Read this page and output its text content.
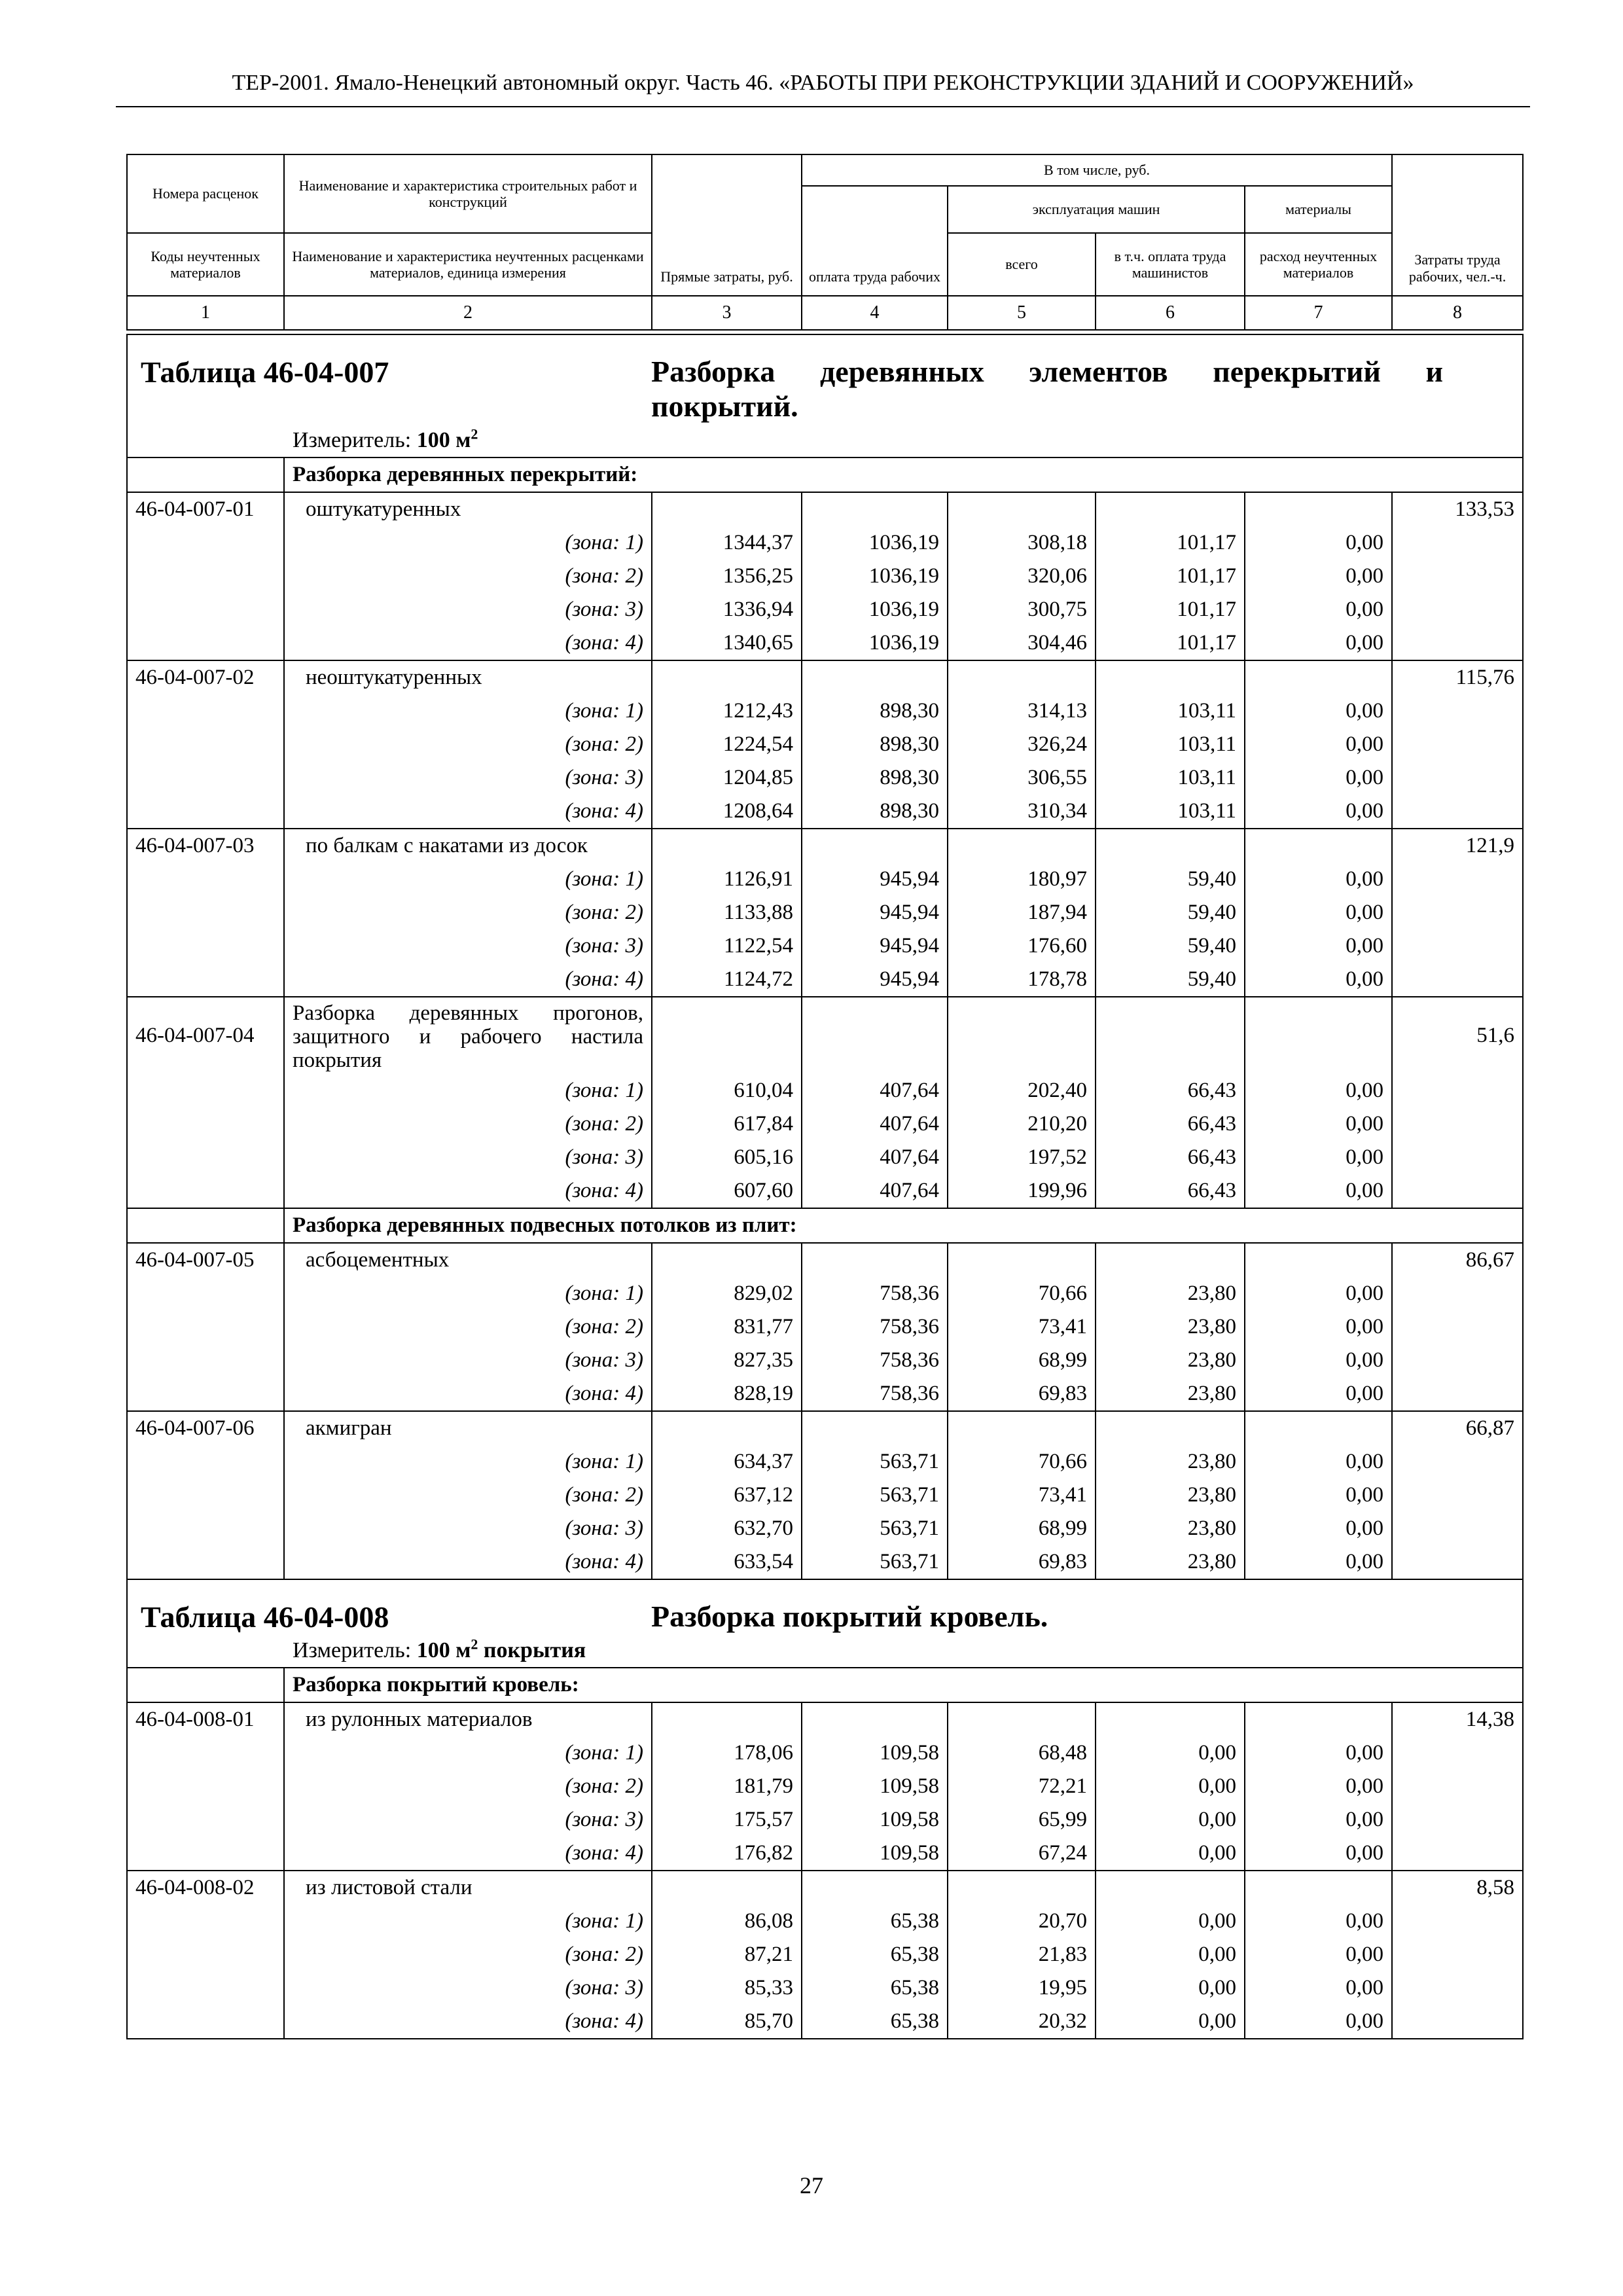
ТЕР-2001. Ямало-Ненецкий автономный округ. Часть 46. «РАБОТЫ ПРИ РЕКОНСТРУКЦИИ ЗДАНИЙ И СООРУЖЕНИЙ»
Номера расценок	Наименование и характеристика строительных работ и конструкций	Прямые затраты, руб.	В том числе, руб.				Затраты труда рабочих, чел.-ч.
			оплата труда рабочих	эксплуатация машин		материалы	
Коды неучтенных материалов	Наименование и характеристика неучтенных расценками материалов, единица измерения			всего	в т.ч. оплата труда машинистов	расход неучтенных материалов	
1	2	3	4	5	6	7	8
Таблица 46-04-007 Разборка деревянных элементов перекрытий и покрытий.							
Измеритель: 100 $м^2$
	Разборка деревянных перекрытий:						
46-04-007-01	оштукатуренных						133,53
	(зона: 1)	1344,37	1036,19	308,18	101,17	0,00	
	(зона: 2)	1356,25	1036,19	320,06	101,17	0,00	
	(зона: 3)	1336,94	1036,19	300,75	101,17	0,00	
	(зона: 4)	1340,65	1036,19	304,46	101,17	0,00	
46-04-007-02	неоштукатуренных						115,76
	(зона: 1)	1212,43	898,30	314,13	103,11	0,00	
	(зона: 2)	1224,54	898,30	326,24	103,11	0,00	
	(зона: 3)	1204,85	898,30	306,55	103,11	0,00	
	(зона: 4)	1208,64	898,30	310,34	103,11	0,00	
46-04-007-03	по балкам с накатами из досок						121,9
	(зона: 1)	1126,91	945,94	180,97	59,40	0,00	
	(зона: 2)	1133,88	945,94	187,94	59,40	0,00	
	(зона: 3)	1122,54	945,94	176,60	59,40	0,00	
	(зона: 4)	1124,72	945,94	178,78	59,40	0,00	
46-04-007-04	Разборка деревянных прогонов, защитного и рабочего настила покрытия						51,6
	(зона: 1)	610,04	407,64	202,40	66,43	0,00	
	(зона: 2)	617,84	407,64	210,20	66,43	0,00	
	(зона: 3)	605,16	407,64	197,52	66,43	0,00	
	(зона: 4)	607,60	407,64	199,96	66,43	0,00	
	Разборка деревянных подвесных потолков из плит:						
46-04-007-05	асбоцементных						86,67
	(зона: 1)	829,02	758,36	70,66	23,80	0,00	
	(зона: 2)	831,77	758,36	73,41	23,80	0,00	
	(зона: 3)	827,35	758,36	68,99	23,80	0,00	
	(зона: 4)	828,19	758,36	69,83	23,80	0,00	
46-04-007-06	акмигран						66,87
	(зона: 1)	634,37	563,71	70,66	23,80	0,00	
	(зона: 2)	637,12	563,71	73,41	23,80	0,00	
	(зона: 3)	632,70	563,71	68,99	23,80	0,00	
	(зона: 4)	633,54	563,71	69,83	23,80	0,00	
Таблица 46-04-008 Разборка покрытий кровель.							
Измеритель: 100 $м^2$ покрытия							
	Разборка покрытий кровель:						
46-04-008-01	из рулонных материалов						14,38
	(зона: 1)	178,06	109,58	68,48	0,00	0,00	
	(зона: 2)	181,79	109,58	72,21	0,00	0,00	
	(зона: 3)	175,57	109,58	65,99	0,00	0,00	
	(зона: 4)	176,82	109,58	67,24	0,00	0,00	
46-04-008-02	из листовой стали						8,58
	(зона: 1)	86,08	65,38	20,70	0,00	0,00	
	(зона: 2)	87,21	65,38	21,83	0,00	0,00	
	(зона: 3)	85,33	65,38	19,95	0,00	0,00	
	(зона: 4)	85,70	65,38	20,32	0,00	0,00	
27
